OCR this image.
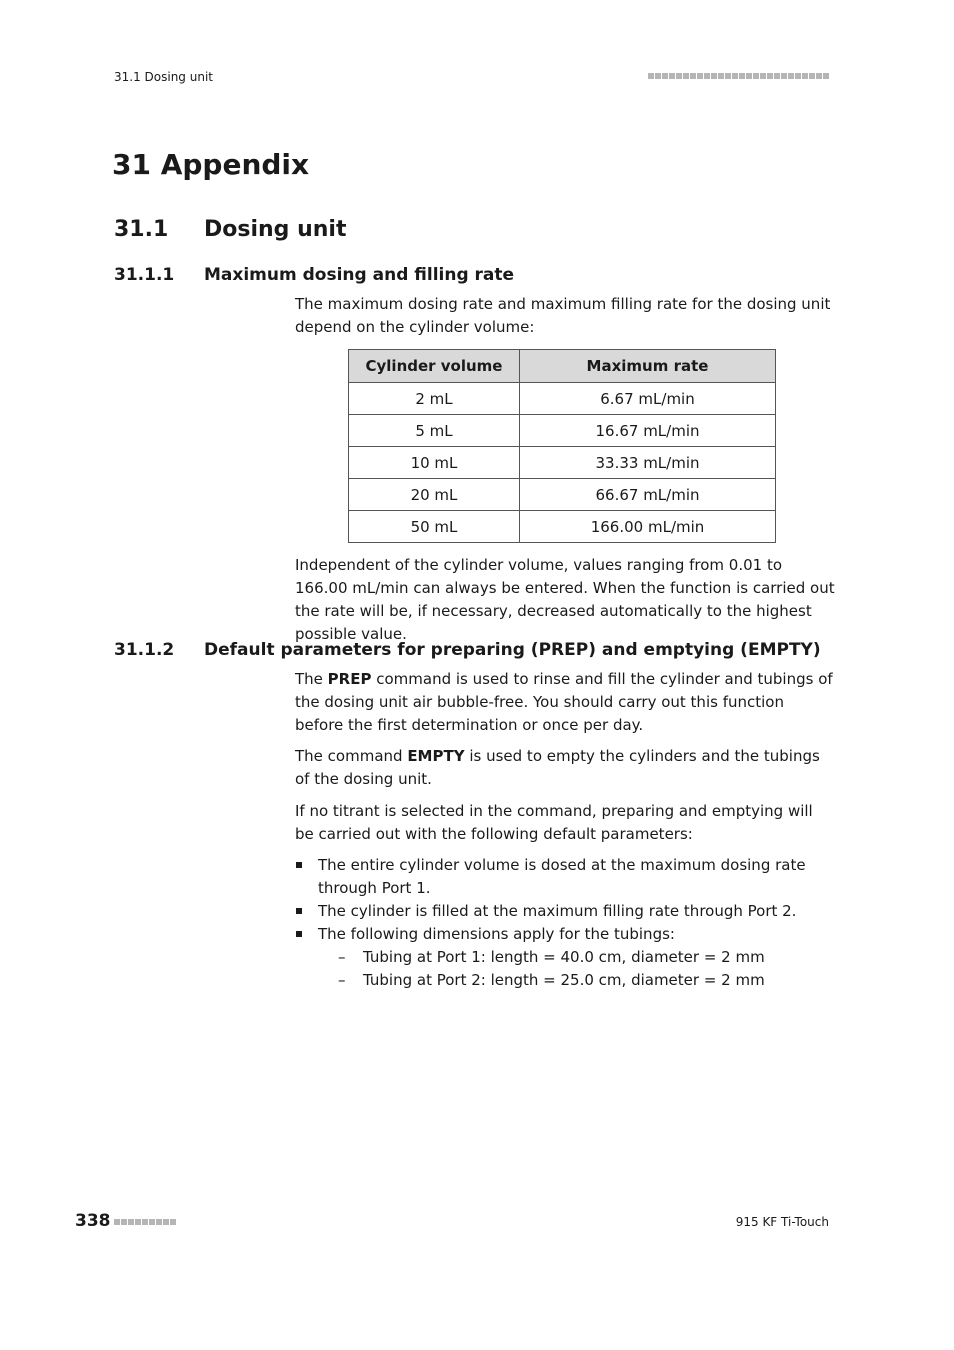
31.1 Dosing unit
31 Appendix
31.1 Dosing unit
31.1.1 Maximum dosing and filling rate

The maximum dosing rate and maximum filling rate for the dosing unit depend on the cylinder volume:

Cylinder volume	Maximum rate
2 mL	6.67 mL/min
5 mL	16.67 mL/min
10 mL	33.33 mL/min
20 mL	66.67 mL/min
50 mL	166.00 mL/min

Independent of the cylinder volume, values ranging from 0.01 to 166.00 mL/min can always be entered. When the function is carried out the rate will be, if necessary, decreased automatically to the highest possible value.

31.1.2 Default parameters for preparing (PREP) and emptying (EMPTY)

The PREP command is used to rinse and fill the cylinder and tubings of the dosing unit air bubble-free. You should carry out this function before the first determination or once per day.

The command EMPTY is used to empty the cylinders and the tubings of the dosing unit.

If no titrant is selected in the command, preparing and emptying will be carried out with the following default parameters:

The entire cylinder volume is dosed at the maximum dosing rate through Port 1.
The cylinder is filled at the maximum filling rate through Port 2.
The following dimensions apply for the tubings:
– Tubing at Port 1: length = 40.0 cm, diameter = 2 mm
– Tubing at Port 2: length = 25.0 cm, diameter = 2 mm
338	915 KF Ti-Touch
